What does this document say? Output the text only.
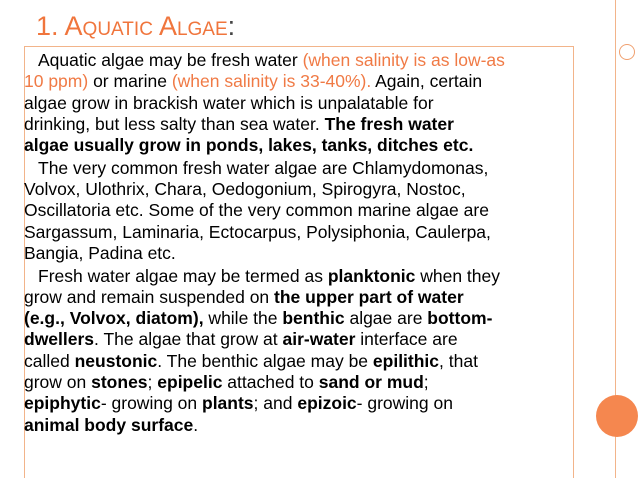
1. AQUATIC ALGAE:

Aquatic algae may be fresh water (when salinity is as low-as
10 ppm) or marine (when salinity is 33-40%). Again, certain
algae grow in brackish water which is unpalatable for
drinking, but less salty than sea water. The fresh water
algae usually grow in ponds, lakes, tanks, ditches etc.

The very common fresh water algae are Chlamydomonas,
Volvox, Ulothrix, Chara, Oedogonium, Spirogyra, Nostoc,
Oscillatoria etc. Some of the very common marine algae are
Sargassum, Laminaria, Ectocarpus, Polysiphonia, Caulerpa,
Bangia, Padina etc.

Fresh water algae may be termed as planktonic when they
grow and remain suspended on the upper part of water
(e.g., Volvox, diatom), while the benthic algae are bottom-
dwellers. The algae that grow at air-water interface are
called neustonic. The benthic algae may be epilithic, that
grow on stones; epipelic attached to sand or mud;
epiphytic- growing on plants; and epizoic- growing on
animal body surface.
